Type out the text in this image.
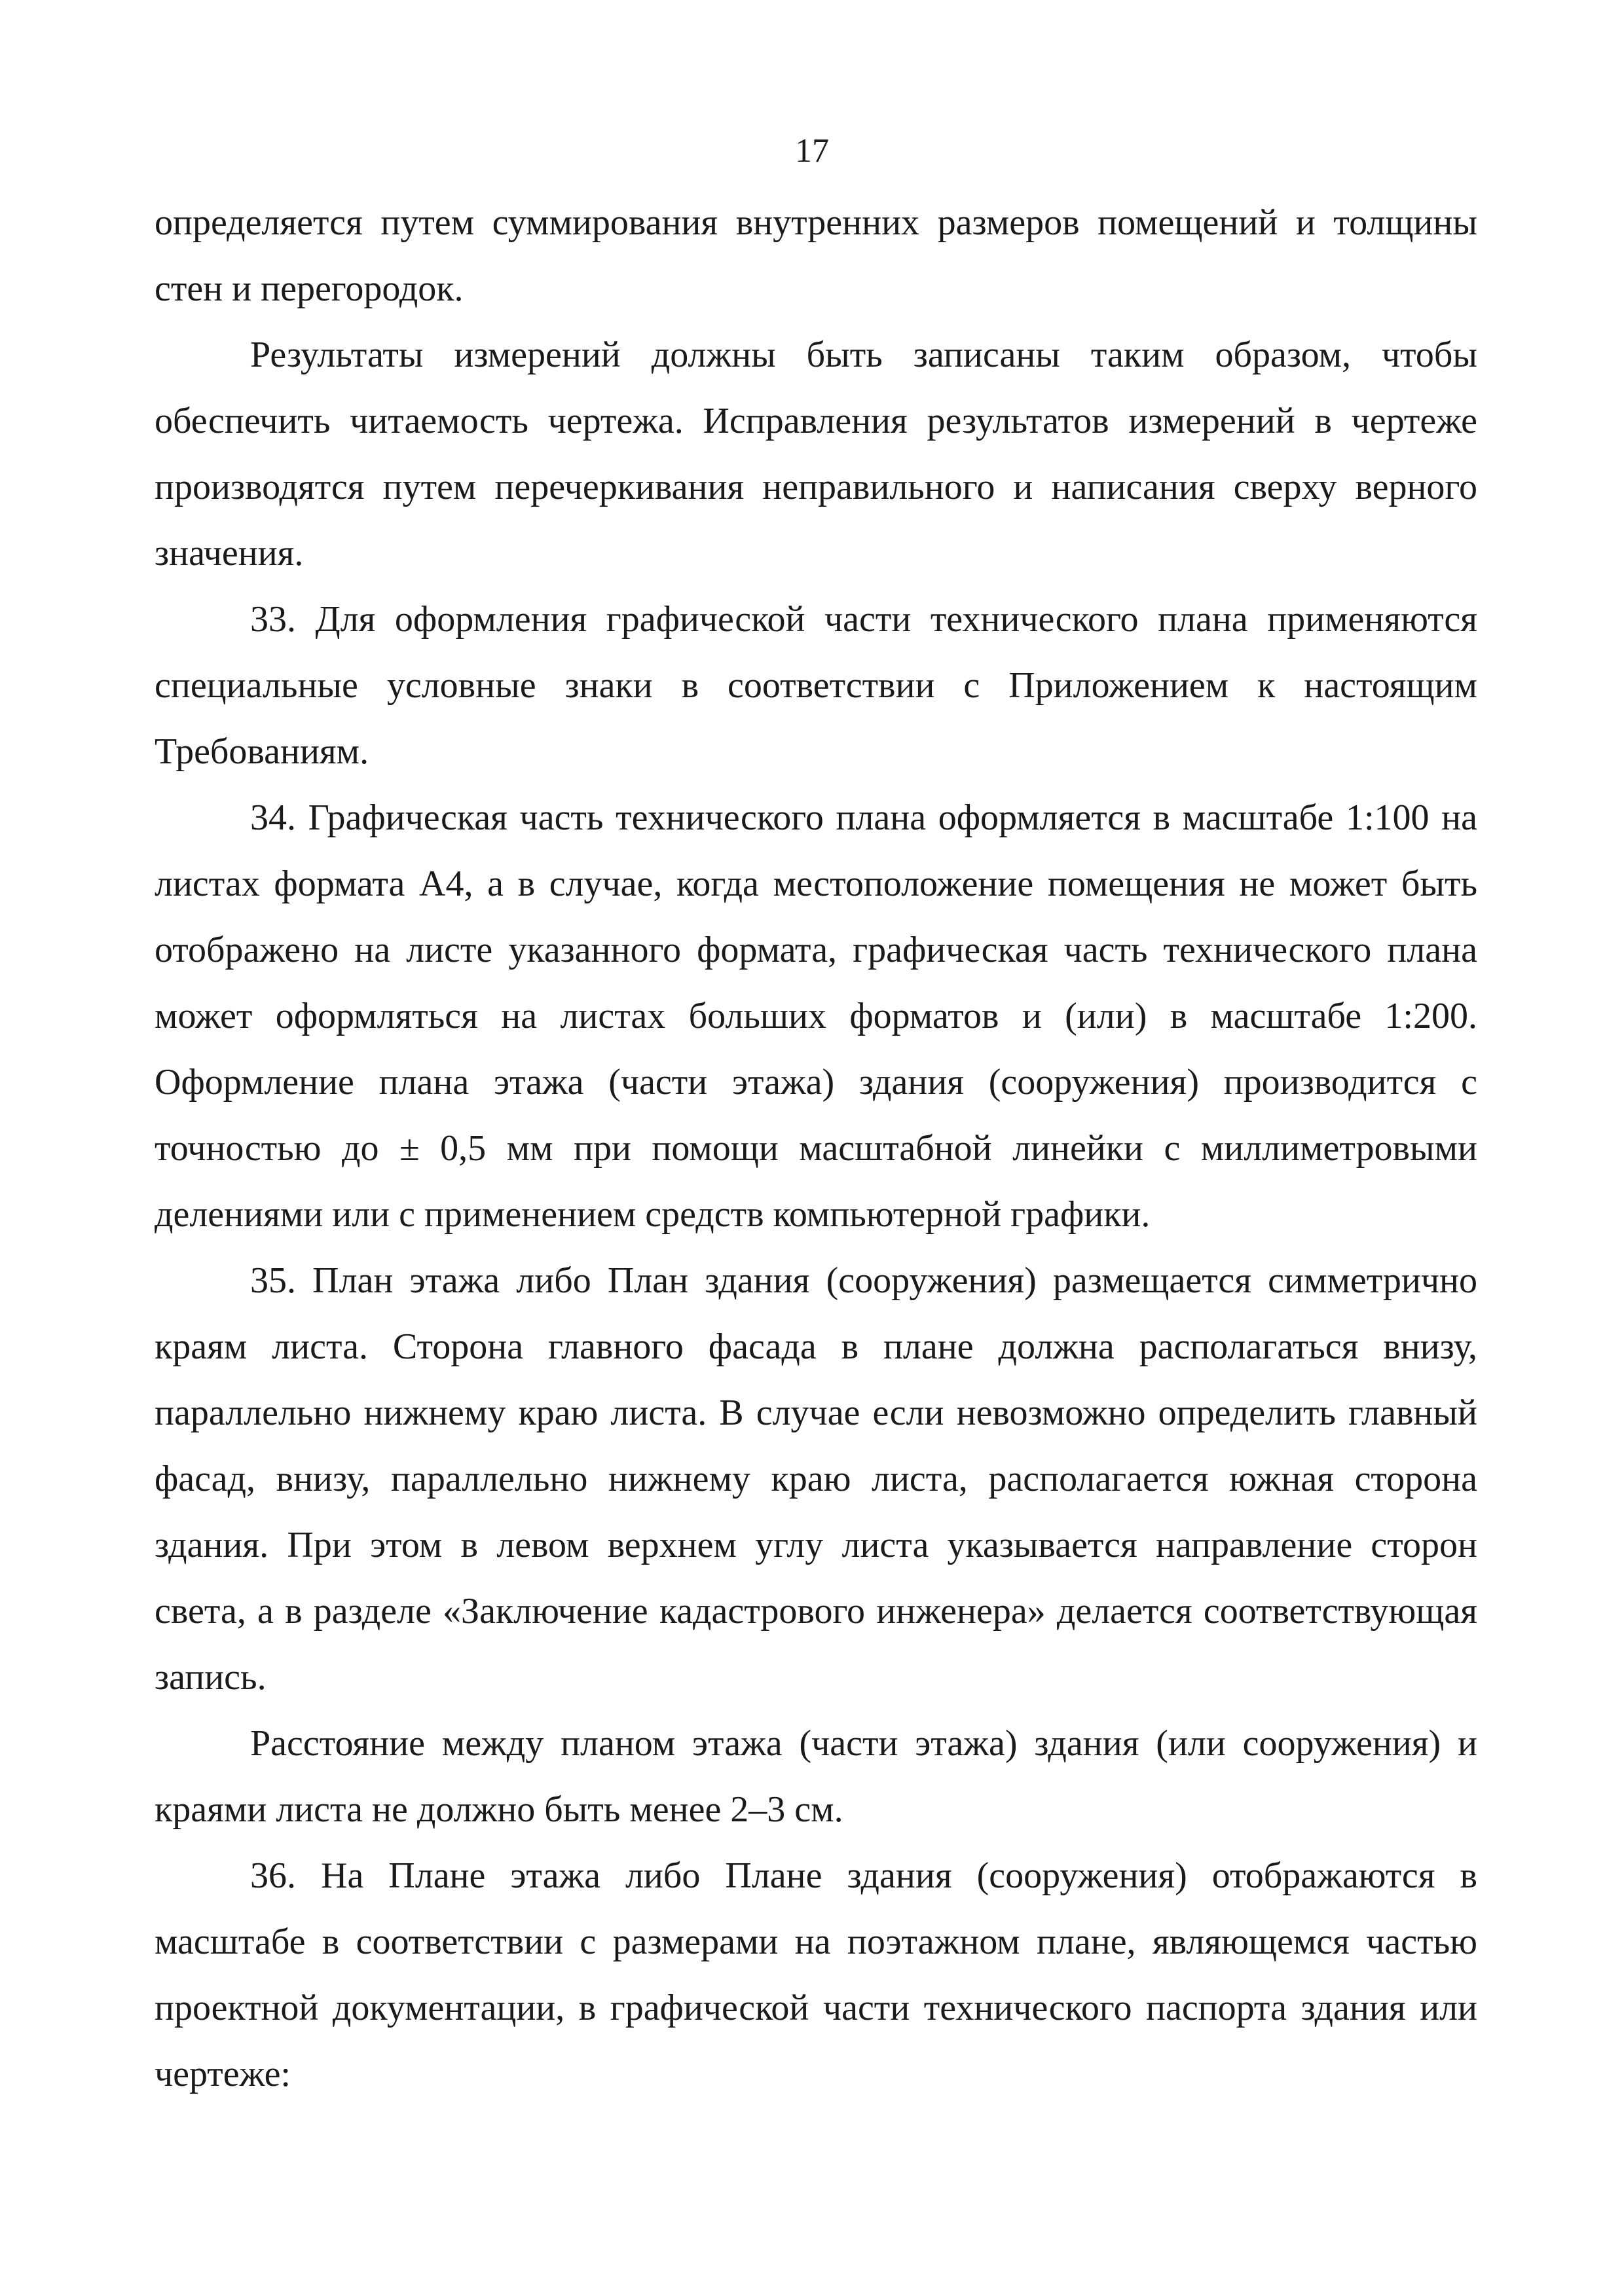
17

определяется путем суммирования внутренних размеров помещений и толщины стен и перегородок.

Результаты измерений должны быть записаны таким образом, чтобы обеспечить читаемость чертежа. Исправления результатов измерений в чертеже производятся путем перечеркивания неправильного и написания сверху верного значения.

33. Для оформления графической части технического плана применяются специальные условные знаки в соответствии с Приложением к настоящим Требованиям.

34. Графическая часть технического плана оформляется в масштабе 1:100 на листах формата А4, а в случае, когда местоположение помещения не может быть отображено на листе указанного формата, графическая часть технического плана может оформляться на листах больших форматов и (или) в масштабе 1:200. Оформление плана этажа (части этажа) здания (сооружения) производится с точностью до ± 0,5 мм при помощи масштабной линейки с миллиметровыми делениями или с применением средств компьютерной графики.

35. План этажа либо План здания (сооружения) размещается симметрично краям листа. Сторона главного фасада в плане должна располагаться внизу, параллельно нижнему краю листа. В случае если невозможно определить главный фасад, внизу, параллельно нижнему краю листа, располагается южная сторона здания. При этом в левом верхнем углу листа указывается направление сторон света, а в разделе «Заключение кадастрового инженера» делается соответствующая запись.

Расстояние между планом этажа (части этажа) здания (или сооружения) и краями листа не должно быть менее 2–3 см.

36. На Плане этажа либо Плане здания (сооружения) отображаются в масштабе в соответствии с размерами на поэтажном плане, являющемся частью проектной документации, в графической части технического паспорта здания или чертеже:
